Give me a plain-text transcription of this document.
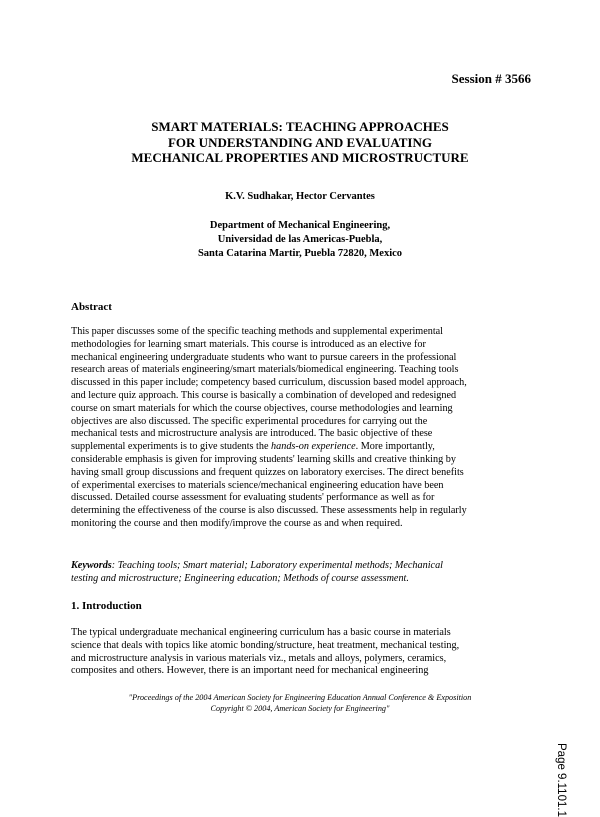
Session # 3566
SMART MATERIALS: TEACHING APPROACHES
FOR UNDERSTANDING AND EVALUATING
MECHANICAL PROPERTIES AND MICROSTRUCTURE
K.V. Sudhakar, Hector Cervantes
Department of Mechanical Engineering,
Universidad de las Americas-Puebla,
Santa Catarina Martir, Puebla 72820, Mexico
Abstract
This paper discusses some of the specific teaching methods and supplemental experimental
methodologies for learning smart materials. This course is introduced as an elective for
mechanical engineering undergraduate students who want to pursue careers in the professional
research areas of materials engineering/smart materials/biomedical engineering. Teaching tools
discussed in this paper include; competency based curriculum, discussion based model approach,
and lecture quiz approach. This course is basically a combination of developed and redesigned
course on smart materials for which the course objectives, course methodologies and learning
objectives are also discussed. The specific experimental procedures for carrying out the
mechanical tests and microstructure analysis are introduced. The basic objective of these
supplemental experiments is to give students the hands-on experience. More importantly,
considerable emphasis is given for improving students' learning skills and creative thinking by
having small group discussions and frequent quizzes on laboratory exercises. The direct benefits
of experimental exercises to materials science/mechanical engineering education have been
discussed. Detailed course assessment for evaluating students' performance as well as for
determining the effectiveness of the course is also discussed. These assessments help in regularly
monitoring the course and then modify/improve the course as and when required.
Keywords: Teaching tools; Smart material; Laboratory experimental methods; Mechanical
testing and microstructure; Engineering education; Methods of course assessment.
1. Introduction
The typical undergraduate mechanical engineering curriculum has a basic course in materials
science that deals with topics like atomic bonding/structure, heat treatment, mechanical testing,
and microstructure analysis in various materials viz., metals and alloys, polymers, ceramics,
composites and others. However, there is an important need for mechanical engineering
"Proceedings of the 2004 American Society for Engineering Education Annual Conference & Exposition
Copyright © 2004, American Society for Engineering"
Page 9.1101.1
